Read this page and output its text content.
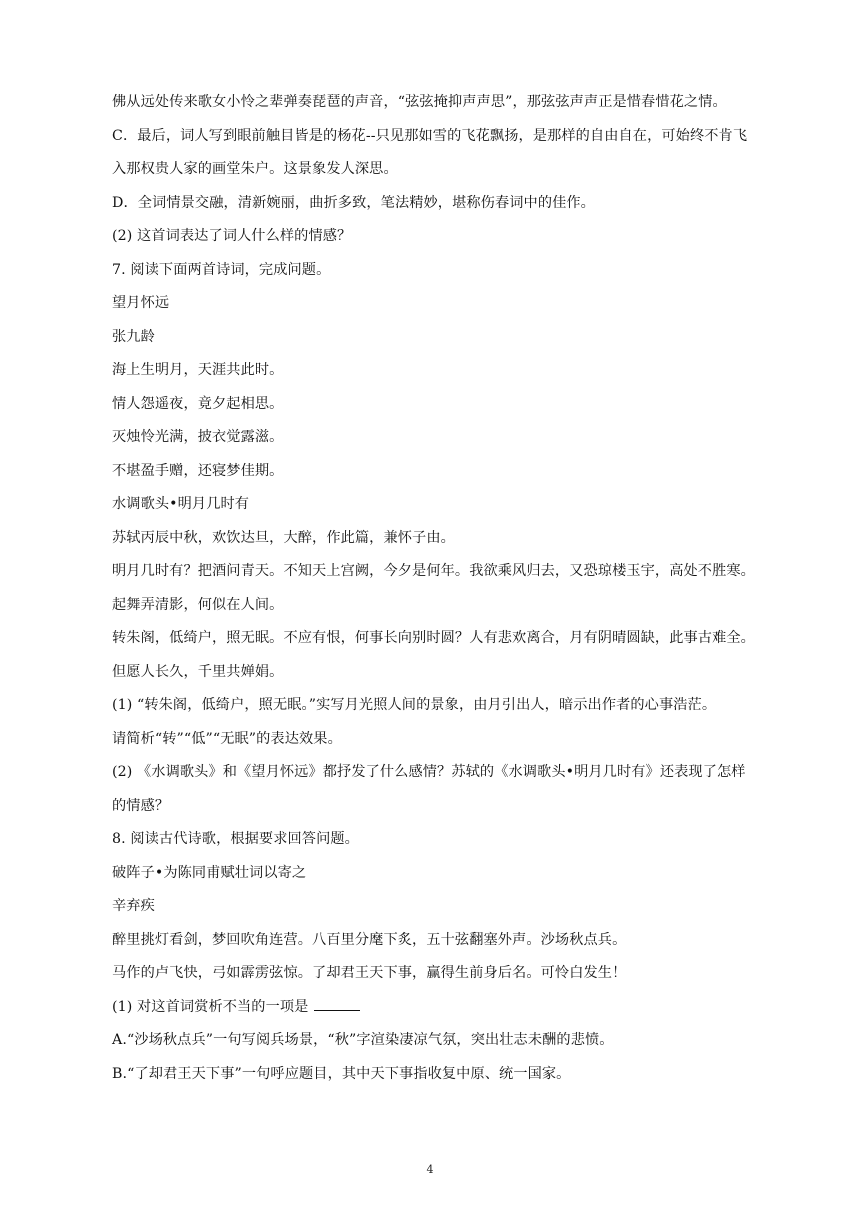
佛从远处传来歌女小怜之辈弹奏琵琶的声音，“弦弦掩抑声声思”，那弦弦声声正是惜春惜花之情。
C．最后，词人写到眼前触目皆是的杨花--只见那如雪的飞花飘扬，是那样的自由自在，可始终不肯飞
入那权贵人家的画堂朱户。这景象发人深思。
D．全词情景交融，清新婉丽，曲折多致，笔法精妙，堪称伤春词中的佳作。
(2) 这首词表达了词人什么样的情感？
7. 阅读下面两首诗词，完成问题。
望月怀远
张九龄
海上生明月，天涯共此时。
情人怨遥夜，竟夕起相思。
灭烛怜光满，披衣觉露滋。
不堪盈手赠，还寝梦佳期。
水调歌头•明月几时有
苏轼丙辰中秋，欢饮达旦，大醉，作此篇，兼怀子由。
明月几时有？把酒问青天。不知天上宫阙，今夕是何年。我欲乘风归去，又恐琼楼玉宇，高处不胜寒。
起舞弄清影，何似在人间。
转朱阁，低绮户，照无眠。不应有恨，何事长向别时圆？人有悲欢离合，月有阴晴圆缺，此事古难全。
但愿人长久，千里共婵娟。
(1) “转朱阁，低绮户，照无眠。”实写月光照人间的景象，由月引出人，暗示出作者的心事浩茫。
请简析“转”“低”“无眠”的表达效果。
(2) 《水调歌头》和《望月怀远》都抒发了什么感情？苏轼的《水调歌头•明月几时有》还表现了怎样
的情感？
8. 阅读古代诗歌，根据要求回答问题。
破阵子•为陈同甫赋壮词以寄之
辛弃疾
醉里挑灯看剑，梦回吹角连营。八百里分麾下炙，五十弦翻塞外声。沙场秋点兵。
马作的卢飞快，弓如霹雳弦惊。了却君王天下事，赢得生前身后名。可怜白发生！
(1) 对这首词赏析不当的一项是
A.“沙场秋点兵”一句写阅兵场景，“秋”字渲染凄凉气氛，突出壮志未酬的悲愤。
B.“了却君王天下事”一句呼应题目，其中天下事指收复中原、统一国家。
4
